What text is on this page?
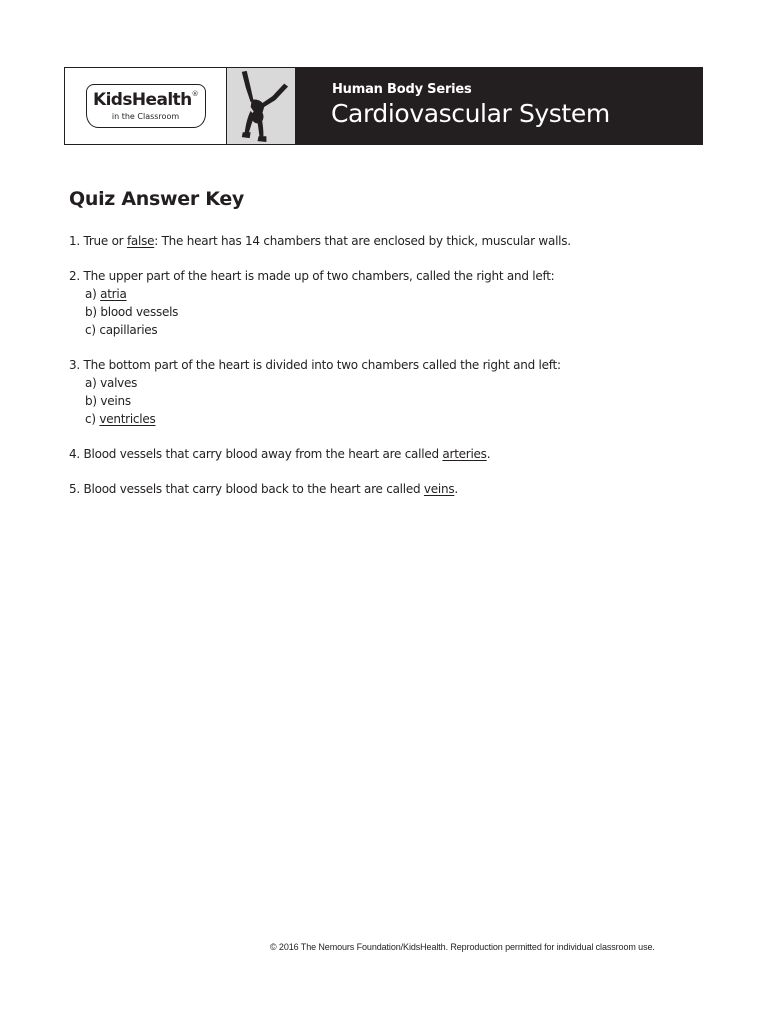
KidsHealth®
in the Classroom
Human Body Series
Cardiovascular System
Quiz Answer Key
1. True or false: The heart has 14 chambers that are enclosed by thick, muscular walls.
2. The upper part of the heart is made up of two chambers, called the right and left:
a) atria
b) blood vessels
c) capillaries
3. The bottom part of the heart is divided into two chambers called the right and left:
a) valves
b) veins
c) ventricles
4. Blood vessels that carry blood away from the heart are called arteries.
5. Blood vessels that carry blood back to the heart are called veins.
© 2016 The Nemours Foundation/KidsHealth. Reproduction permitted for individual classroom use.
